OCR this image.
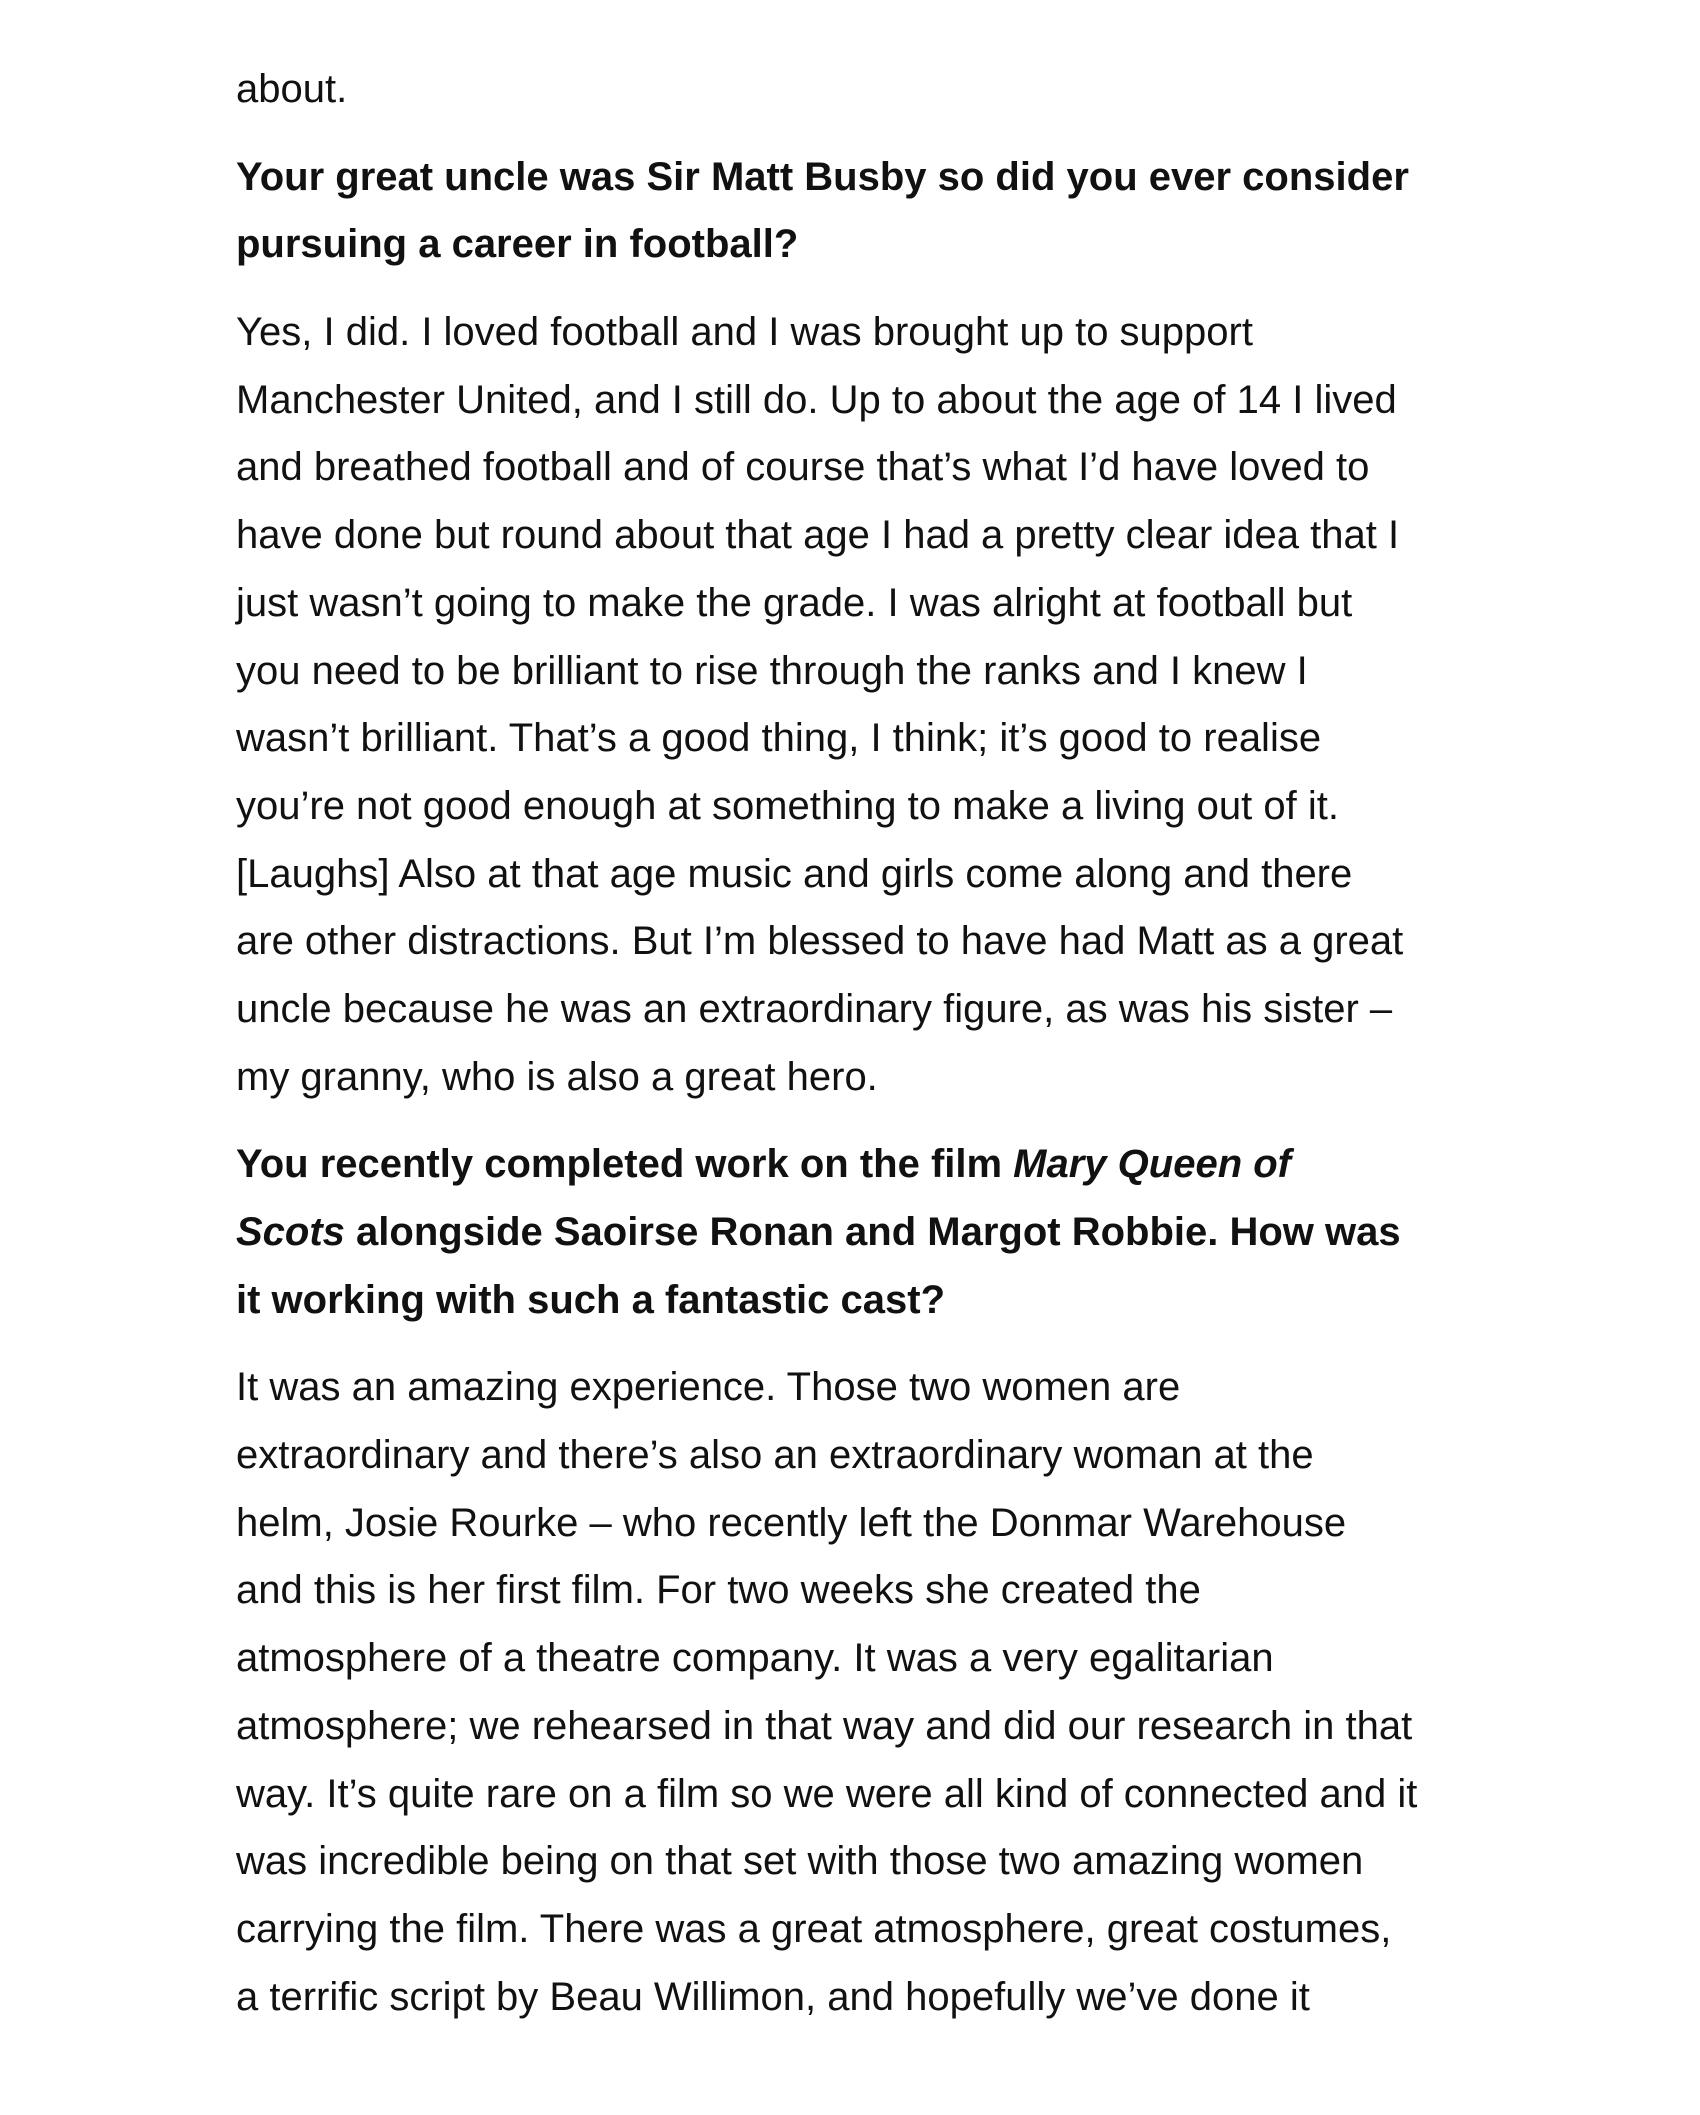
about.
Your great uncle was Sir Matt Busby so did you ever consider
pursuing a career in football?
Yes, I did. I loved football and I was brought up to support
Manchester United, and I still do. Up to about the age of 14 I lived
and breathed football and of course that’s what I’d have loved to
have done but round about that age I had a pretty clear idea that I
just wasn’t going to make the grade. I was alright at football but
you need to be brilliant to rise through the ranks and I knew I
wasn’t brilliant. That’s a good thing, I think; it’s good to realise
you’re not good enough at something to make a living out of it.
[Laughs] Also at that age music and girls come along and there
are other distractions. But I’m blessed to have had Matt as a great
uncle because he was an extraordinary figure, as was his sister –
my granny, who is also a great hero.
You recently completed work on the film Mary Queen of
Scots alongside Saoirse Ronan and Margot Robbie. How was
it working with such a fantastic cast?
It was an amazing experience. Those two women are
extraordinary and there’s also an extraordinary woman at the
helm, Josie Rourke – who recently left the Donmar Warehouse
and this is her first film. For two weeks she created the
atmosphere of a theatre company. It was a very egalitarian
atmosphere; we rehearsed in that way and did our research in that
way. It’s quite rare on a film so we were all kind of connected and it
was incredible being on that set with those two amazing women
carrying the film. There was a great atmosphere, great costumes,
a terrific script by Beau Willimon, and hopefully we’ve done it
